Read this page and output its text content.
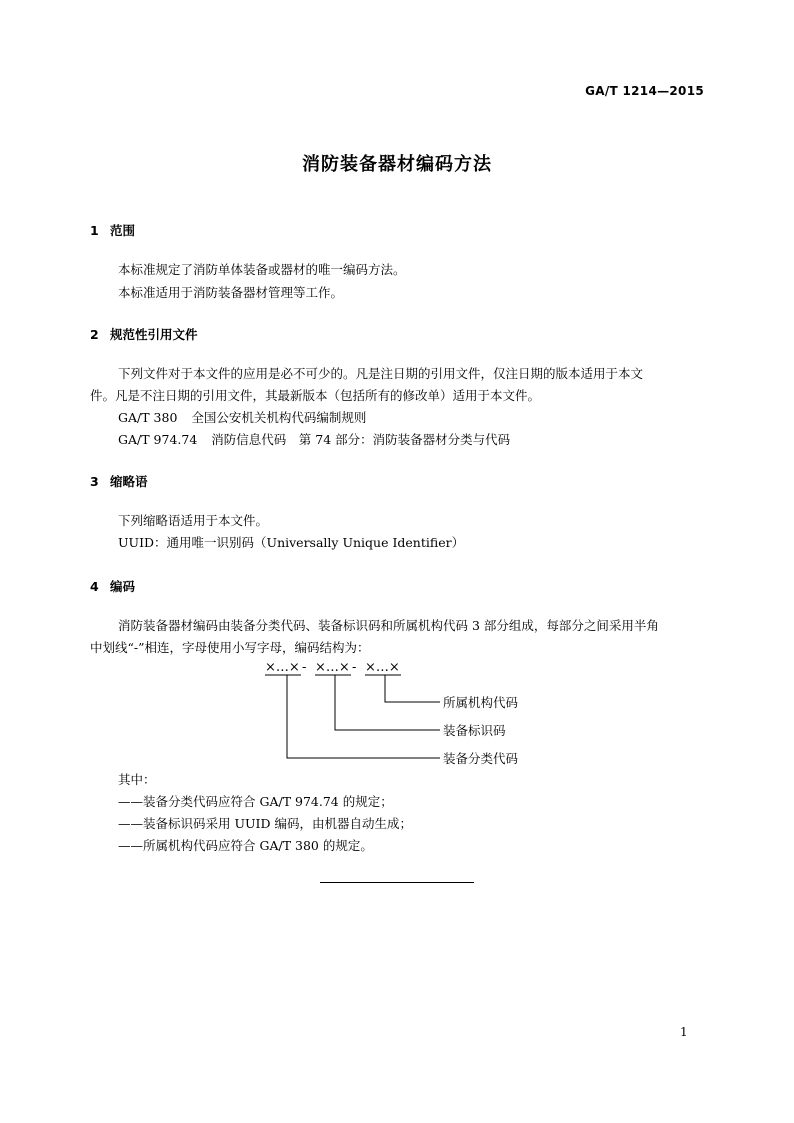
GA/T 1214—2015
消防装备器材编码方法
1 范围
本标准规定了消防单体装备或器材的唯一编码方法。
本标准适用于消防装备器材管理等工作。
2 规范性引用文件
下列文件对于本文件的应用是必不可少的。凡是注日期的引用文件，仅注日期的版本适用于本文
件。凡是不注日期的引用文件，其最新版本（包括所有的修改单）适用于本文件。
GA/T 380 全国公安机关机构代码编制规则
GA/T 974.74 消防信息代码　第 74 部分：消防装备器材分类与代码
3 缩略语
下列缩略语适用于本文件。
UUID：通用唯一识别码（Universally Unique Identifier）
4 编码
消防装备器材编码由装备分类代码、装备标识码和所属机构代码 3 部分组成，每部分之间采用半角
中划线“-”相连，字母使用小写字母，编码结构为：
×…× - ×…× - ×…×
所属机构代码
装备标识码
装备分类代码
其中：
——装备分类代码应符合 GA/T 974.74 的规定；
——装备标识码采用 UUID 编码，由机器自动生成；
——所属机构代码应符合 GA/T 380 的规定。
1
